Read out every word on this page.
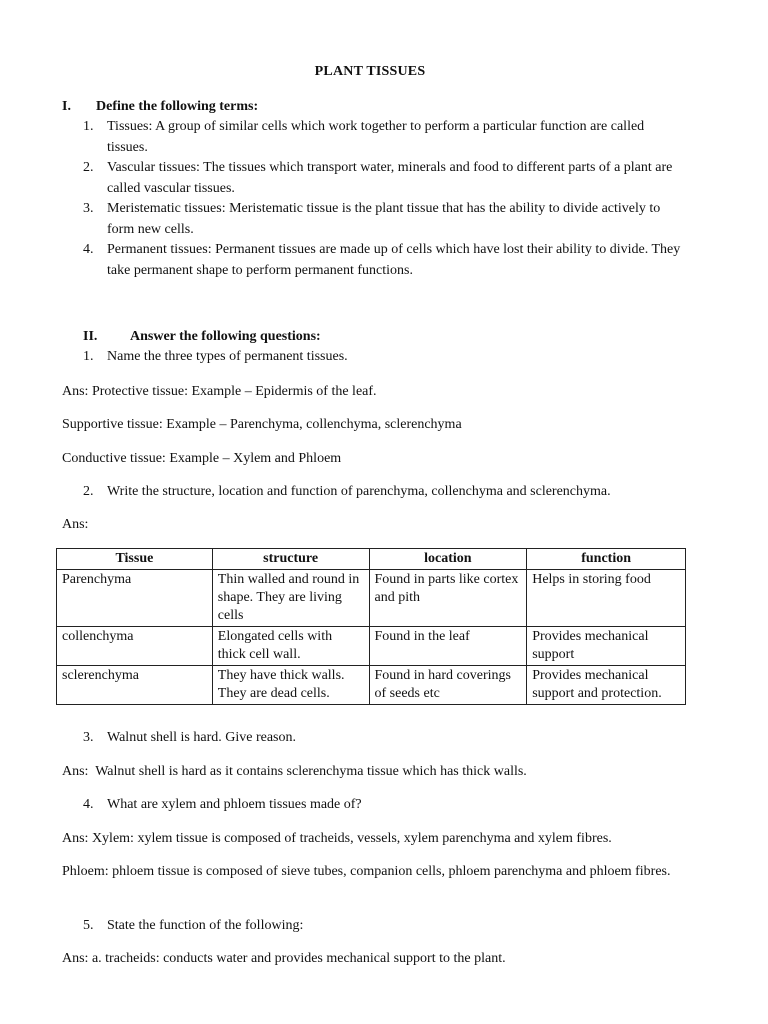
PLANT TISSUES
I. Define the following terms:
1. Tissues: A group of similar cells which work together to perform a particular function are called tissues.
2. Vascular tissues: The tissues which transport water, minerals and food to different parts of a plant are called vascular tissues.
3. Meristematic tissues: Meristematic tissue is the plant tissue that has the ability to divide actively to form new cells.
4. Permanent tissues: Permanent tissues are made up of cells which have lost their ability to divide. They take permanent shape to perform permanent functions.
II. Answer the following questions:
1. Name the three types of permanent tissues.
Ans: Protective tissue: Example – Epidermis of the leaf.
Supportive tissue: Example – Parenchyma, collenchyma, sclerenchyma
Conductive tissue: Example – Xylem and Phloem
2. Write the structure, location and function of parenchyma, collenchyma and sclerenchyma.
Ans:
Tissue	structure	location	function
Parenchyma	Thin walled and round in shape. They are living cells	Found in parts like cortex and pith	Helps in storing food
collenchyma	Elongated cells with thick cell wall.	Found in the leaf	Provides mechanical support
sclerenchyma	They have thick walls. They are dead cells.	Found in hard coverings of seeds etc	Provides mechanical support and protection.
3. Walnut shell is hard. Give reason.
Ans:  Walnut shell is hard as it contains sclerenchyma tissue which has thick walls.
4. What are xylem and phloem tissues made of?
Ans: Xylem: xylem tissue is composed of tracheids, vessels, xylem parenchyma and xylem fibres.
Phloem: phloem tissue is composed of sieve tubes, companion cells, phloem parenchyma and phloem fibres.
5. State the function of the following:
Ans: a. tracheids: conducts water and provides mechanical support to the plant.
